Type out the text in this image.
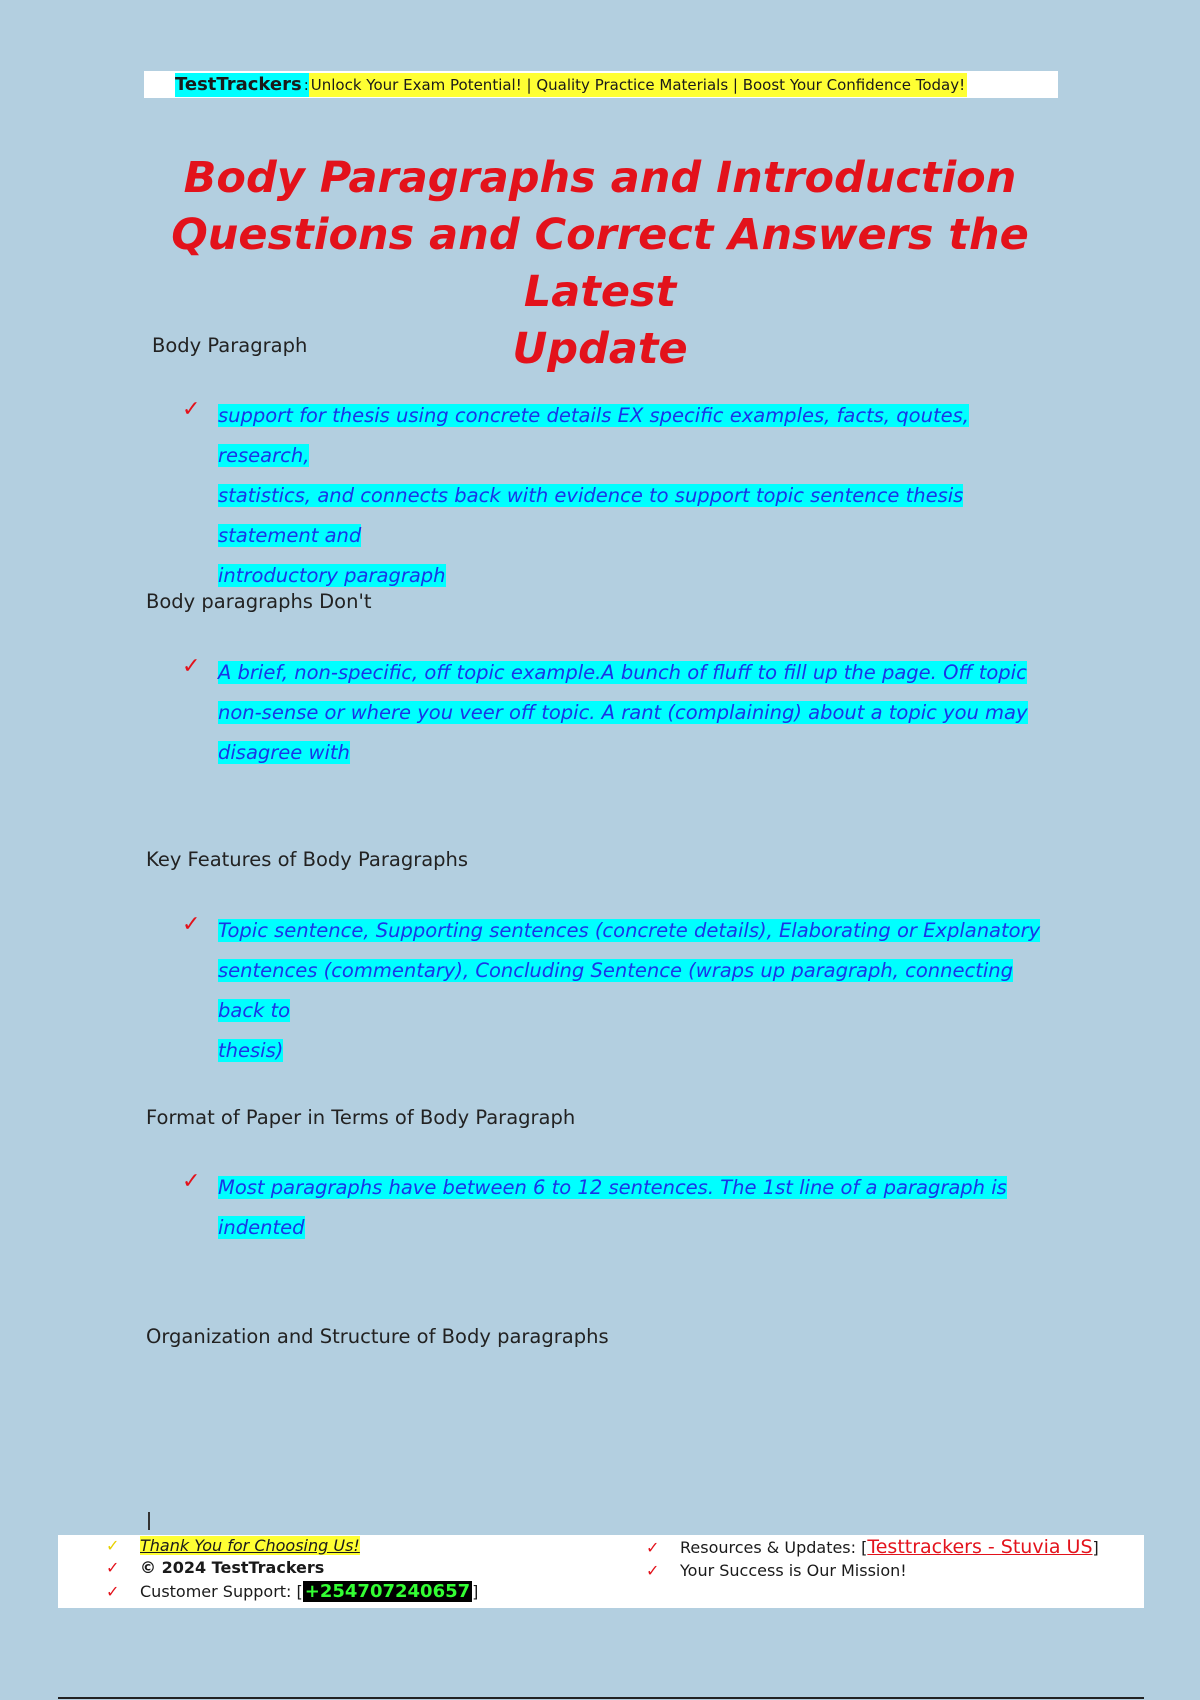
TestTrackers : Unlock Your Exam Potential! | Quality Practice Materials | Boost Your Confidence Today!
Body Paragraphs and Introduction
Questions and Correct Answers the Latest
Update
Body Paragraph
✓ support for thesis using concrete details EX specific examples, facts, qoutes, research,
statistics, and connects back with evidence to support topic sentence thesis statement and
introductory paragraph
Body paragraphs Don't
✓ A brief, non-specific, off topic example.A bunch of fluff to fill up the page. Off topic
non-sense or where you veer off topic. A rant (complaining) about a topic you may
disagree with
Key Features of Body Paragraphs
✓ Topic sentence, Supporting sentences (concrete details), Elaborating or Explanatory
sentences (commentary), Concluding Sentence (wraps up paragraph, connecting back to
thesis)
Format of Paper in Terms of Body Paragraph
✓ Most paragraphs have between 6 to 12 sentences. The 1st line of a paragraph is
indented
Organization and Structure of Body paragraphs
✓	Thank You for Choosing Us!
✓	© 2024 TestTrackers
✓	Customer Support: [ +254707240657 ]
✓	Resources & Updates: [ Testtrackers - Stuvia US ]
✓	Your Success is Our Mission!
